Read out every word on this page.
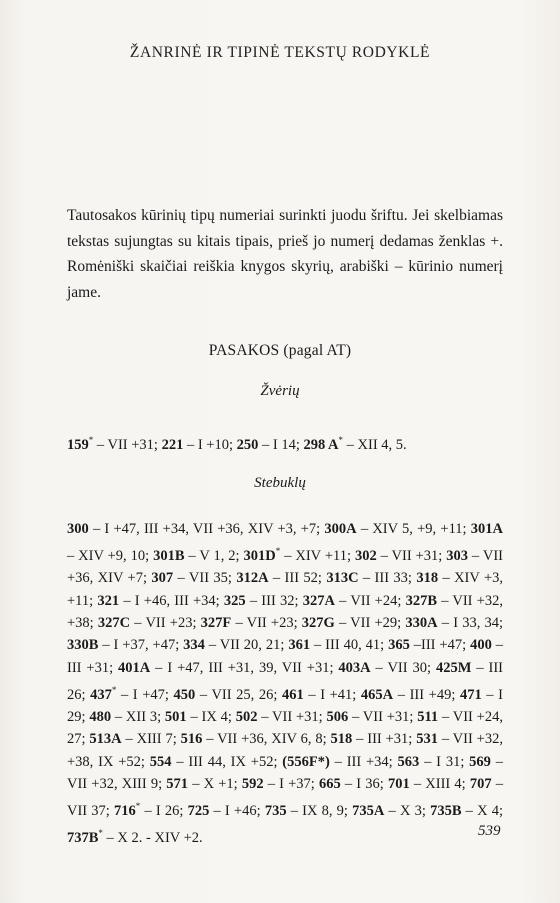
ŽANRINĖ IR TIPINĖ TEKSTŲ RODYKLĖ

Tautosakos kūrinių tipų numeriai surinkti juodu šriftu. Jei skelbiamas tekstas sujungtas su kitais tipais, prieš jo numerį dedamas ženklas +. Romėniški skaičiai reiškia knygos skyrių, arabiški – kūrinio numerį jame.

PASAKOS (pagal AT)
Žvėrių

159* – VII +31; 221 – I +10; 250 – I 14; 298 A* – XII 4, 5.

Stebuklų

300 – I +47, III +34, VII +36, XIV +3, +7; 300A – XIV 5, +9, +11; 301A – XIV +9, 10; 301B – V 1, 2; 301D* – XIV +11; 302 – VII +31; 303 – VII +36, XIV +7; 307 – VII 35; 312A – III 52; 313C – III 33; 318 – XIV +3, +11; 321 – I +46, III +34; 325 – III 32; 327A – VII +24; 327B – VII +32, +38; 327C – VII +23; 327F – VII +23; 327G – VII +29; 330A – I 33, 34; 330B – I +37, +47; 334 – VII 20, 21; 361 – III 40, 41; 365 –III +47; 400 – III +31; 401A – I +47, III +31, 39, VII +31; 403A – VII 30; 425M – III 26; 437* – I +47; 450 – VII 25, 26; 461 – I +41; 465A – III +49; 471 – I 29; 480 – XII 3; 501 – IX 4; 502 – VII +31; 506 – VII +31; 511 – VII +24, 27; 513A – XIII 7; 516 – VII +36, XIV 6, 8; 518 – III +31; 531 – VII +32, +38, IX +52; 554 – III 44, IX +52; (556F*) – III +34; 563 – I 31; 569 – VII +32, XIII 9; 571 – X +1; 592 – I +37; 665 – I 36; 701 – XIII 4; 707 – VII 37; 716* – I 26; 725 – I +46; 735 – IX 8, 9; 735A – X 3; 735B – X 4; 737B* – X 2. - XIV +2.	539
